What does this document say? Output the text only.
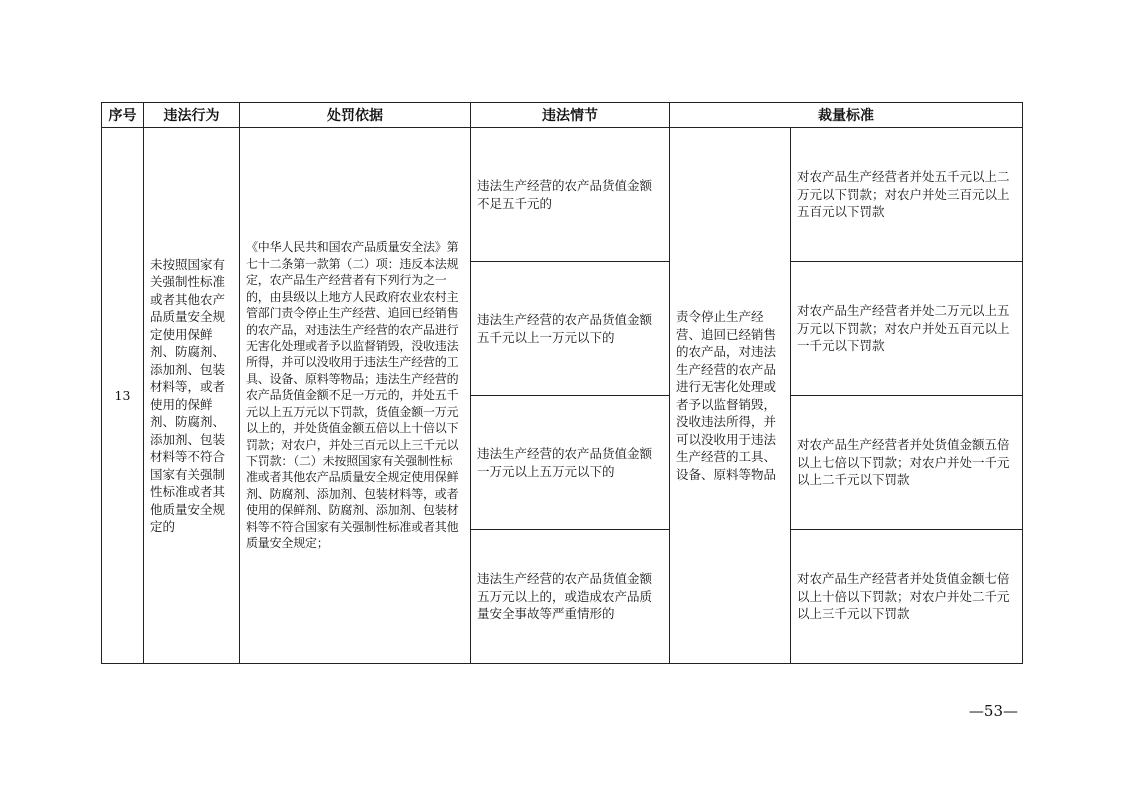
序号	违法行为	处罚依据	违法情节	裁量标准	
13	未按照国家有关强制性标准或者其他农产品质量安全规定使用保鲜剂、防腐剂、添加剂、包装材料等，或者使用的保鲜剂、防腐剂、添加剂、包装材料等不符合国家有关强制性标准或者其他质量安全规定的	《中华人民共和国农产品质量安全法》第七十二条第一款第（二）项：违反本法规定，农产品生产经营者有下列行为之一的，由县级以上地方人民政府农业农村主管部门责令停止生产经营、追回已经销售的农产品，对违法生产经营的农产品进行无害化处理或者予以监督销毁，没收违法所得，并可以没收用于违法生产经营的工具、设备、原料等物品；违法生产经营的农产品货值金额不足一万元的，并处五千元以上五万元以下罚款，货值金额一万元以上的，并处货值金额五倍以上十倍以下罚款；对农户，并处三百元以上三千元以下罚款：（二）未按照国家有关强制性标准或者其他农产品质量安全规定使用保鲜剂、防腐剂、添加剂、包装材料等，或者使用的保鲜剂、防腐剂、添加剂、包装材料等不符合国家有关强制性标准或者其他质量安全规定；	违法生产经营的农产品货值金额不足五千元的	责令停止生产经营、追回已经销售的农产品，对违法生产经营的农产品进行无害化处理或者予以监督销毁，没收违法所得，并可以没收用于违法生产经营的工具、设备、原料等物品	对农产品生产经营者并处五千元以上二万元以下罚款；对农户并处三百元以上五百元以下罚款
			违法生产经营的农产品货值金额五千元以上一万元以下的		对农产品生产经营者并处二万元以上五万元以下罚款；对农户并处五百元以上一千元以下罚款
			违法生产经营的农产品货值金额一万元以上五万元以下的		对农产品生产经营者并处货值金额五倍以上七倍以下罚款；对农户并处一千元以上二千元以下罚款
			违法生产经营的农产品货值金额五万元以上的，或造成农产品质量安全事故等严重情形的		对农产品生产经营者并处货值金额七倍以上十倍以下罚款；对农户并处二千元以上三千元以下罚款
—53—
